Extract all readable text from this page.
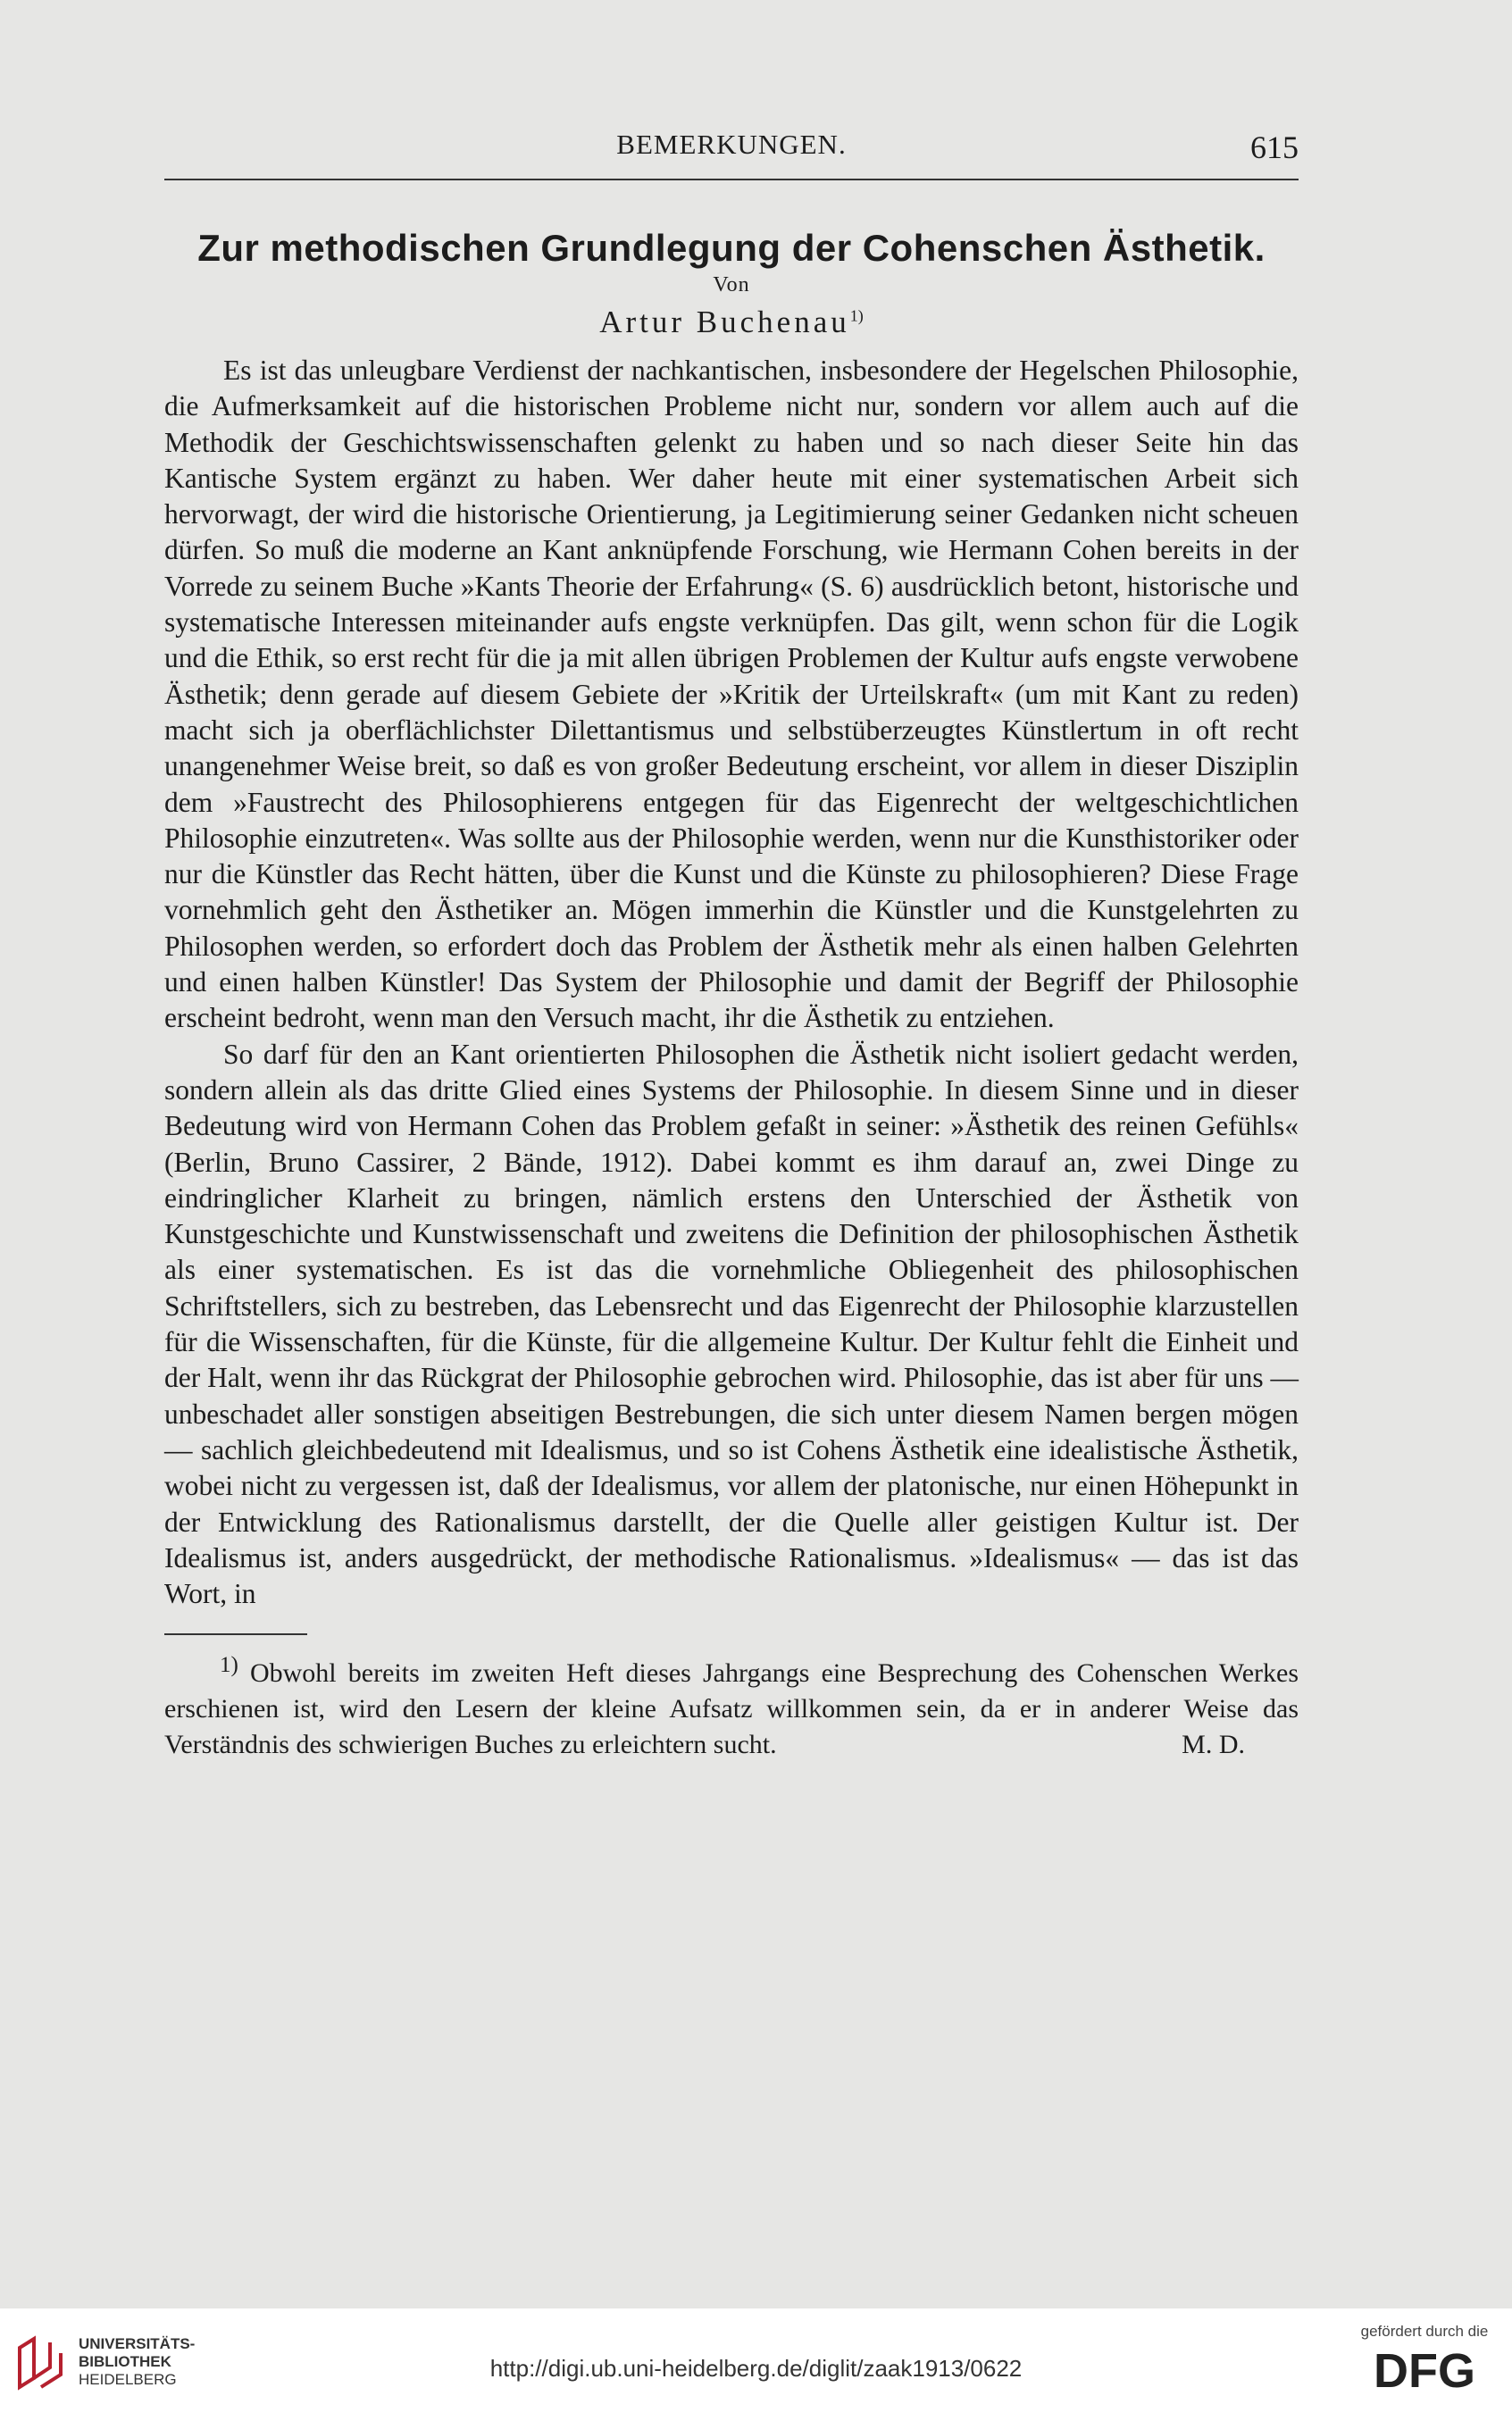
BEMERKUNGEN.	615
Zur methodischen Grundlegung der Cohenschen Ästhetik.
Von
Artur Buchenau$^{1)}$

Es ist das unleugbare Verdienst der nachkantischen, insbesondere der Hegelschen Philosophie, die Aufmerksamkeit auf die historischen Probleme nicht nur, sondern vor allem auch auf die Methodik der Geschichtswissenschaften gelenkt zu haben und so nach dieser Seite hin das Kantische System ergänzt zu haben. Wer daher heute mit einer systematischen Arbeit sich hervorwagt, der wird die historische Orientierung, ja Legitimierung seiner Gedanken nicht scheuen dürfen. So muß die moderne an Kant anknüpfende Forschung, wie Hermann Cohen bereits in der Vorrede zu seinem Buche »Kants Theorie der Erfahrung« (S. 6) ausdrücklich betont, historische und systematische Interessen miteinander aufs engste verknüpfen. Das gilt, wenn schon für die Logik und die Ethik, so erst recht für die ja mit allen übrigen Problemen der Kultur aufs engste verwobene Ästhetik; denn gerade auf diesem Gebiete der »Kritik der Urteilskraft« (um mit Kant zu reden) macht sich ja oberflächlichster Dilettantismus und selbstüberzeugtes Künstlertum in oft recht unangenehmer Weise breit, so daß es von großer Bedeutung erscheint, vor allem in dieser Disziplin dem »Faustrecht des Philosophierens entgegen für das Eigenrecht der weltgeschichtlichen Philosophie einzutreten«. Was sollte aus der Philosophie werden, wenn nur die Kunsthistoriker oder nur die Künstler das Recht hätten, über die Kunst und die Künste zu philosophieren? Diese Frage vornehmlich geht den Ästhetiker an. Mögen immerhin die Künstler und die Kunstgelehrten zu Philosophen werden, so erfordert doch das Problem der Ästhetik mehr als einen halben Gelehrten und einen halben Künstler! Das System der Philosophie und damit der Begriff der Philosophie erscheint bedroht, wenn man den Versuch macht, ihr die Ästhetik zu entziehen.

So darf für den an Kant orientierten Philosophen die Ästhetik nicht isoliert gedacht werden, sondern allein als das dritte Glied eines Systems der Philosophie. In diesem Sinne und in dieser Bedeutung wird von Hermann Cohen das Problem gefaßt in seiner: »Ästhetik des reinen Gefühls« (Berlin, Bruno Cassirer, 2 Bände, 1912). Dabei kommt es ihm darauf an, zwei Dinge zu eindringlicher Klarheit zu bringen, nämlich erstens den Unterschied der Ästhetik von Kunstgeschichte und Kunstwissenschaft und zweitens die Definition der philosophischen Ästhetik als einer systematischen. Es ist das die vornehmliche Obliegenheit des philosophischen Schriftstellers, sich zu bestreben, das Lebensrecht und das Eigenrecht der Philosophie klarzustellen für die Wissenschaften, für die Künste, für die allgemeine Kultur. Der Kultur fehlt die Einheit und der Halt, wenn ihr das Rückgrat der Philosophie gebrochen wird. Philosophie, das ist aber für uns — unbeschadet aller sonstigen abseitigen Bestrebungen, die sich unter diesem Namen bergen mögen — sachlich gleichbedeutend mit Idealismus, und so ist Cohens Ästhetik eine idealistische Ästhetik, wobei nicht zu vergessen ist, daß der Idealismus, vor allem der platonische, nur einen Höhepunkt in der Entwicklung des Rationalismus darstellt, der die Quelle aller geistigen Kultur ist. Der Idealismus ist, anders ausgedrückt, der methodische Rationalismus. »Idealismus« — das ist das Wort, in

$^{1)}$ Obwohl bereits im zweiten Heft dieses Jahrgangs eine Besprechung des Cohenschen Werkes erschienen ist, wird den Lesern der kleine Aufsatz willkommen sein, da er in anderer Weise das Verständnis des schwierigen Buches zu erleichtern sucht.	M. D.

UNIVERSITÄTS-
BIBLIOTHEK
HEIDELBERG	http://digi.ub.uni-heidelberg.de/diglit/zaak1913/0622
gefördert durch die
DFG
